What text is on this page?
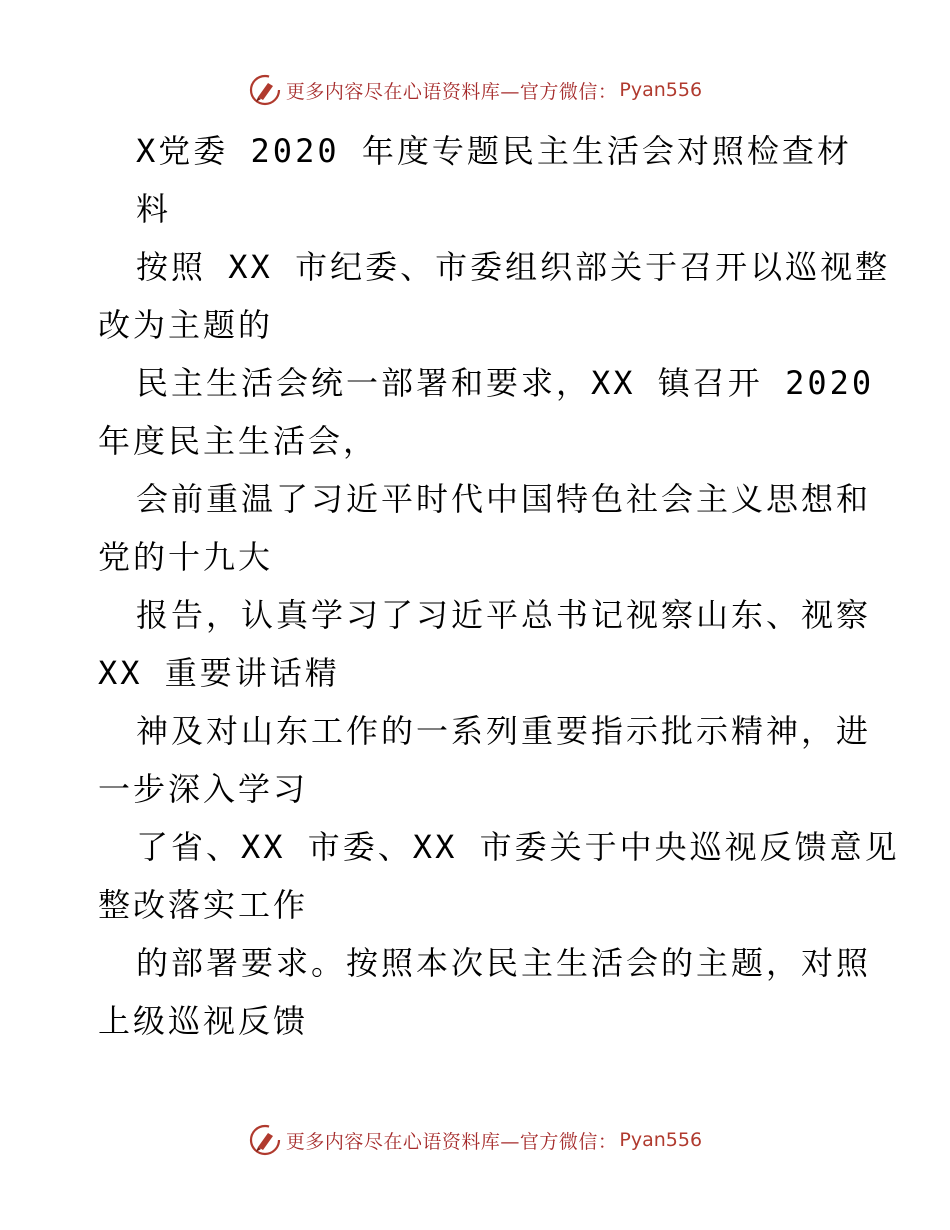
更多内容尽在心语资料库—官方微信： Pyan556
X党委 2020 年度专题民主生活会对照检查材
料
按照 XX 市纪委、市委组织部关于召开以巡视整
改为主题的
民主生活会统一部署和要求，XX 镇召开 2020
年度民主生活会，
会前重温了习近平时代中国特色社会主义思想和
党的十九大
报告，认真学习了习近平总书记视察山东、视察
XX 重要讲话精
神及对山东工作的一系列重要指示批示精神，进
一步深入学习
了省、XX 市委、XX 市委关于中央巡视反馈意见
整改落实工作
的部署要求。按照本次民主生活会的主题，对照
上级巡视反馈
更多内容尽在心语资料库—官方微信： Pyan556
